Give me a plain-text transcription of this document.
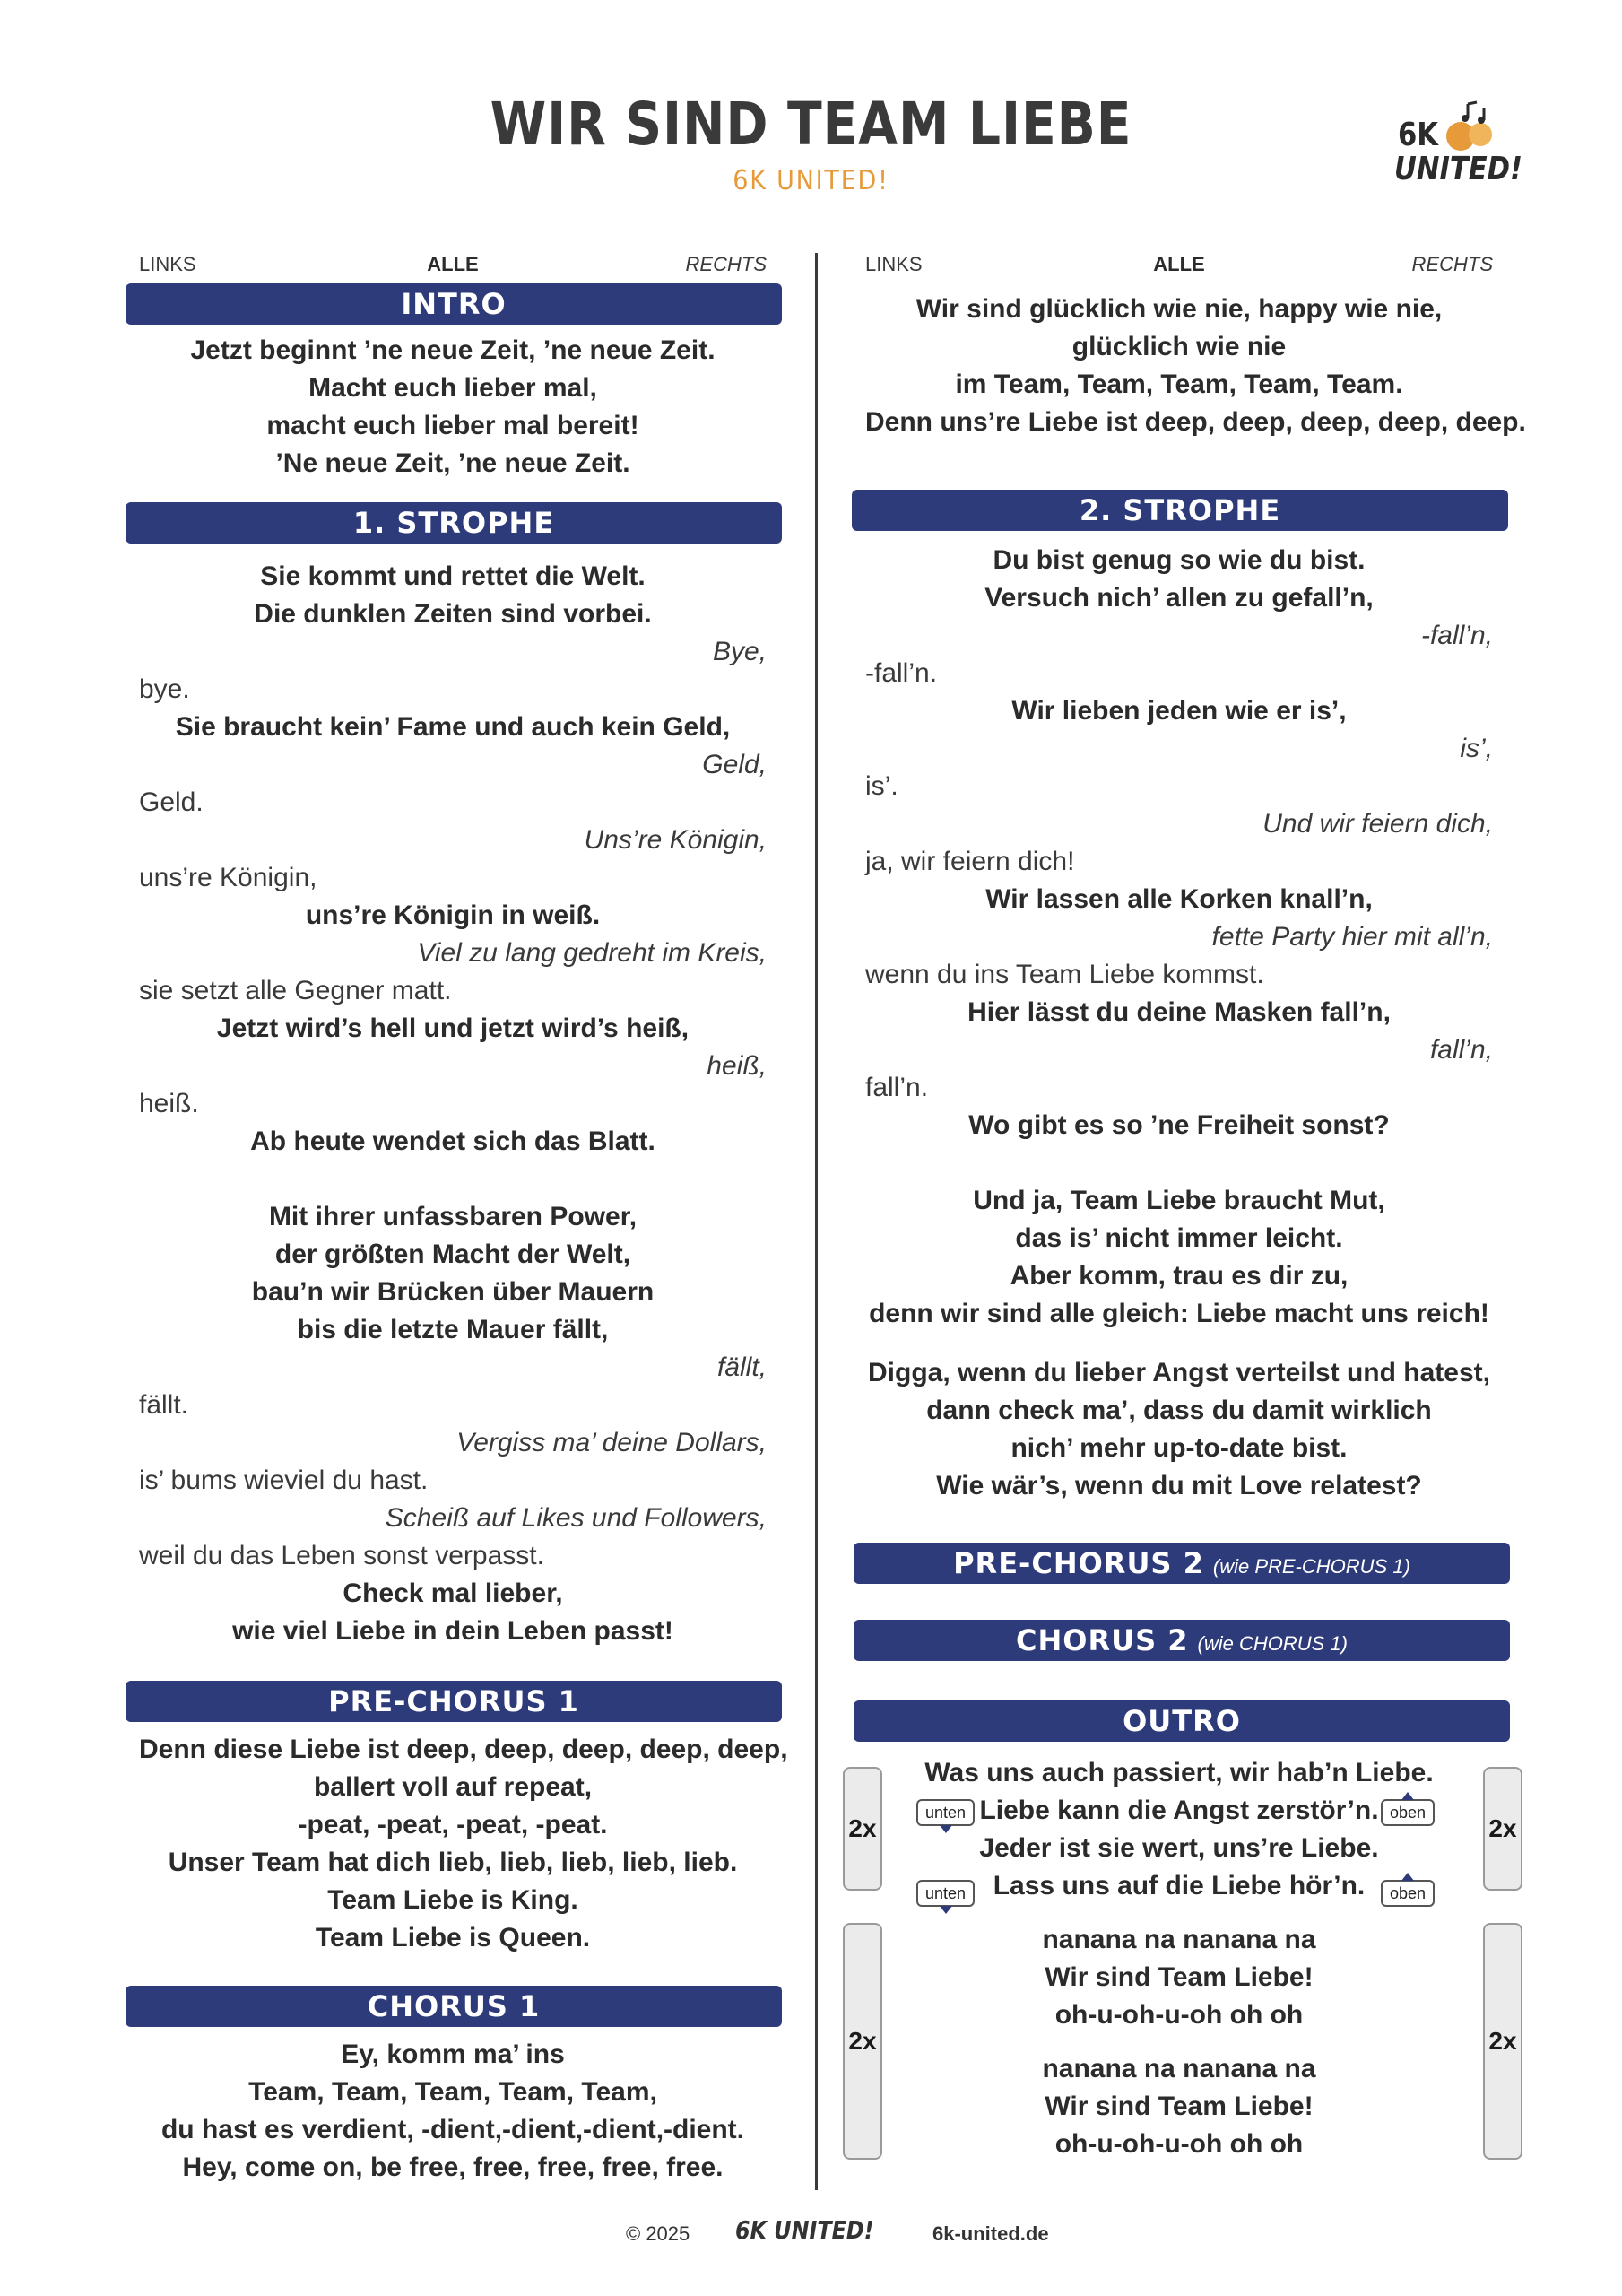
WIR SIND TEAM LIEBE
6K UNITED!
6K
UNITED!
LINKS	ALLE	RECHTS	LINKS	ALLE	RECHTS
INTRO
Jetzt beginnt ’ne neue Zeit, ’ne neue Zeit.
Macht euch lieber mal,
macht euch lieber mal bereit!
’Ne neue Zeit, ’ne neue Zeit.
1. STROPHE
Sie kommt und rettet die Welt.
Die dunklen Zeiten sind vorbei.
Bye,
bye.
Sie braucht kein’ Fame und auch kein Geld,
Geld,
Geld.
Uns’re Königin,
uns’re Königin,
uns’re Königin in weiß.
Viel zu lang gedreht im Kreis,
sie setzt alle Gegner matt.
Jetzt wird’s hell und jetzt wird’s heiß,
heiß,
heiß.
Ab heute wendet sich das Blatt.
Mit ihrer unfassbaren Power,
der größten Macht der Welt,
bau’n wir Brücken über Mauern
bis die letzte Mauer fällt,
fällt,
fällt.
Vergiss ma’ deine Dollars,
is’ bums wieviel du hast.
Scheiß auf Likes und Followers,
weil du das Leben sonst verpasst.
Check mal lieber,
wie viel Liebe in dein Leben passt!
PRE-CHORUS 1
Denn diese Liebe ist deep, deep, deep, deep, deep,
ballert voll auf repeat,
-peat, -peat, -peat, -peat.
Unser Team hat dich lieb, lieb, lieb, lieb, lieb.
Team Liebe is King.
Team Liebe is Queen.
CHORUS 1
Ey, komm ma’ ins
Team, Team, Team, Team, Team,
du hast es verdient, -dient,-dient,-dient,-dient.
Hey, come on, be free, free, free, free, free.
Wir sind glücklich wie nie, happy wie nie,
glücklich wie nie
im Team, Team, Team, Team, Team.
Denn uns’re Liebe ist deep, deep, deep, deep, deep.
2. STROPHE
Du bist genug so wie du bist.
Versuch nich’ allen zu gefall’n,
-fall’n,
-fall’n.
Wir lieben jeden wie er is’,
is’,
is’.
Und wir feiern dich,
ja, wir feiern dich!
Wir lassen alle Korken knall’n,
fette Party hier mit all’n,
wenn du ins Team Liebe kommst.
Hier lässt du deine Masken fall’n,
fall’n,
fall’n.
Wo gibt es so ’ne Freiheit sonst?
Und ja, Team Liebe braucht Mut,
das is’ nicht immer leicht.
Aber komm, trau es dir zu,
denn wir sind alle gleich: Liebe macht uns reich!
Digga, wenn du lieber Angst verteilst und hatest,
dann check ma’, dass du damit wirklich
nich’ mehr up-to-date bist.
Wie wär’s, wenn du mit Love relatest?
PRE-CHORUS 2 (wie PRE-CHORUS 1)
CHORUS 2 (wie CHORUS 1)
OUTRO
2x	2x
2x	2x
unten	oben
unten	oben
Was uns auch passiert, wir hab’n Liebe.
Liebe kann die Angst zerstör’n.
Jeder ist sie wert, uns’re Liebe.
Lass uns auf die Liebe hör’n.
nanana na nanana na
Wir sind Team Liebe!
oh-u-oh-u-oh oh oh
nanana na nanana na
Wir sind Team Liebe!
oh-u-oh-u-oh oh oh
© 2025 6K UNITED!	6k-united.de
